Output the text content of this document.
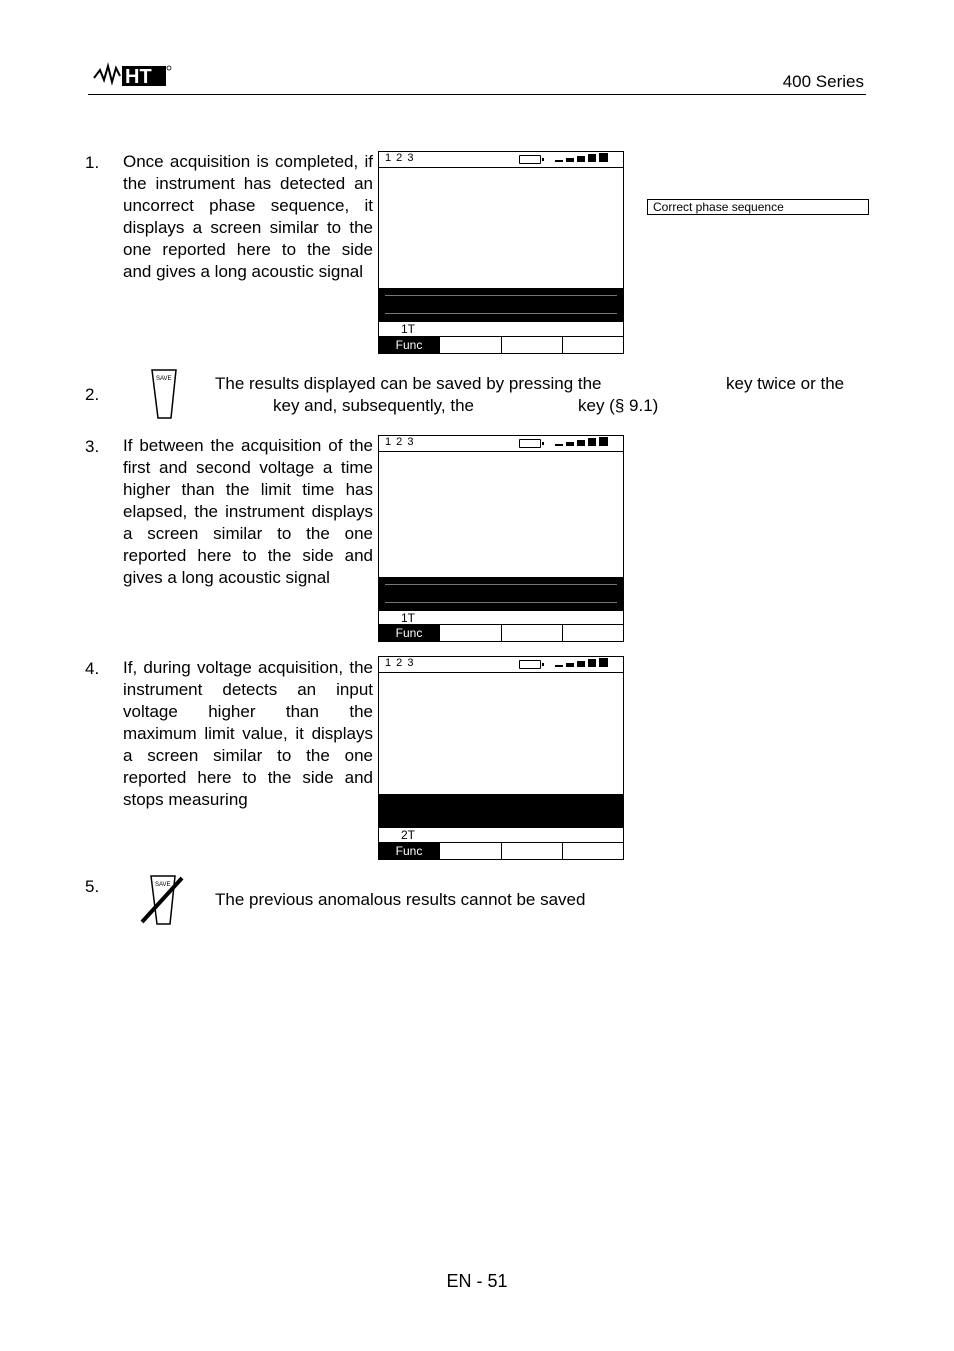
HT	400 Series
1. Once acquisition is completed, if the instrument has detected an uncorrect phase sequence, it displays a screen similar to the one reported here to the side and gives a long acoustic signal
1 2 3
1T
Func
Correct phase sequence
2.
SAVE	The results displayed can be saved by pressing the	key twice or the
key and, subsequently, the	key (§ 9.1)
3. If between the acquisition of the first and second voltage a time higher than the limit time has elapsed, the instrument displays a screen similar to the one reported here to the side and gives a long acoustic signal
1 2 3
1T
Func
4. If, during voltage acquisition, the instrument detects an input voltage higher than the maximum limit value, it displays a screen similar to the one reported here to the side and stops measuring
1 2 3
2T
Func
5.	SAVE
The previous anomalous results cannot be saved
EN - 51
